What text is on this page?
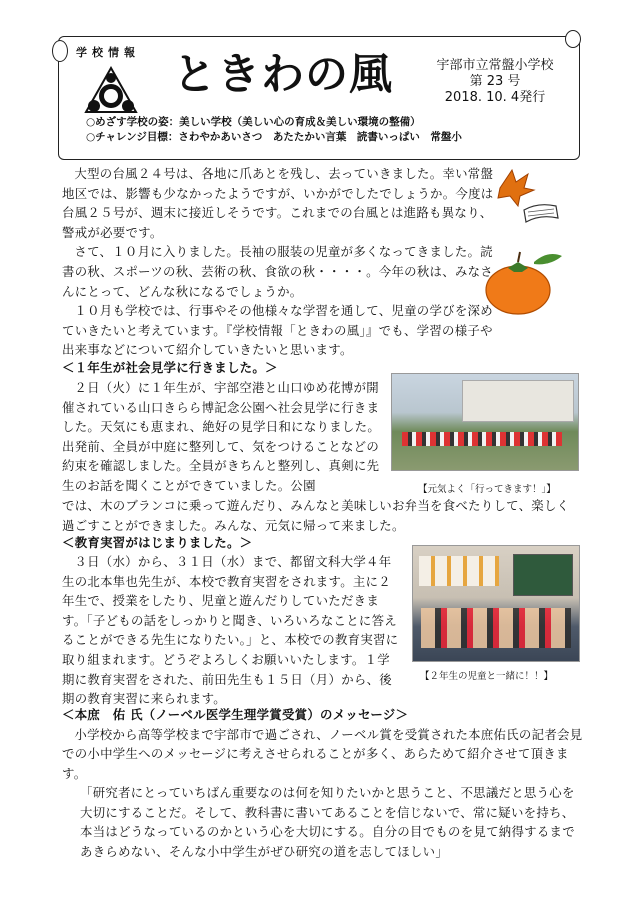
学校情報 ときわの風	宇部市立常盤小学校
第 23 号
2018. 10. 4発行
○めざす学校の姿：美しい学校（美しい心の育成＆美しい環境の整備）
○チャレンジ目標：さわやかあいさつ　あたたかい言葉　読書いっぱい　常盤小

大型の台風２４号は、各地に爪あとを残し、去っていきました。幸い常盤地区では、影響も少なかったようですが、いかがでしたでしょうか。今度は台風２５号が、週末に接近しそうです。これまでの台風とは進路も異なり、警戒が必要です。

さて、１０月に入りました。長袖の服装の児童が多くなってきました。読書の秋、スポーツの秋、芸術の秋、食欲の秋・・・・。今年の秋は、みなさんにとって、どんな秋になるでしょうか。

１０月も学校では、行事やその他様々な学習を通して、児童の学びを深めていきたいと考えています。『学校情報「ときわの風」』でも、学習の様子や出来事などについて紹介していきたいと思います。

＜１年生が社会見学に行きました。＞

２日（火）に１年生が、宇部空港と山口ゆめ花博が開催されている山口きらら博記念公園へ社会見学に行きました。天気にも恵まれ、絶好の見学日和になりました。出発前、全員が中庭に整列して、気をつけることなどの約束を確認しました。全員がきちんと整列し、真剣に先生のお話を聞くことができていました。公園	【元気よく「行ってきます！」】

では、木のブランコに乗って遊んだり、みんなと美味しいお弁当を食べたりして、楽しく過ごすことができました。みんな、元気に帰って来ました。

＜教育実習がはじまりました。＞

３日（水）から、３１日（水）まで、都留文科大学４年生の北本隼也先生が、本校で教育実習をされます。主に２年生で、授業をしたり、児童と遊んだりしていただきます。「子どもの話をしっかりと聞き、いろいろなことに答えることができる先生になりたい。」と、本校での教育実習に取り組まれます。どうぞよろしくお願いいたします。１学期に教育実習をされた、前田先生も１５日（月）から、後期の教育実習に来られます。

【２年生の児童と一緒に！！】

＜本庶　佑 氏（ノーベル医学生理学賞受賞）のメッセージ＞

小学校から高等学校まで宇部市で過ごされ、ノーベル賞を受賞された本庶佑氏の記者会見での小中学生へのメッセージに考えさせられることが多く、あらためて紹介させて頂きます。

「研究者にとっていちばん重要なのは何を知りたいかと思うこと、不思議だと思う心を大切にすることだ。そして、教科書に書いてあることを信じないで、常に疑いを持ち、本当はどうなっているのかという心を大切にする。自分の目でものを見て納得するまであきらめない、そんな小中学生がぜひ研究の道を志してほしい」
